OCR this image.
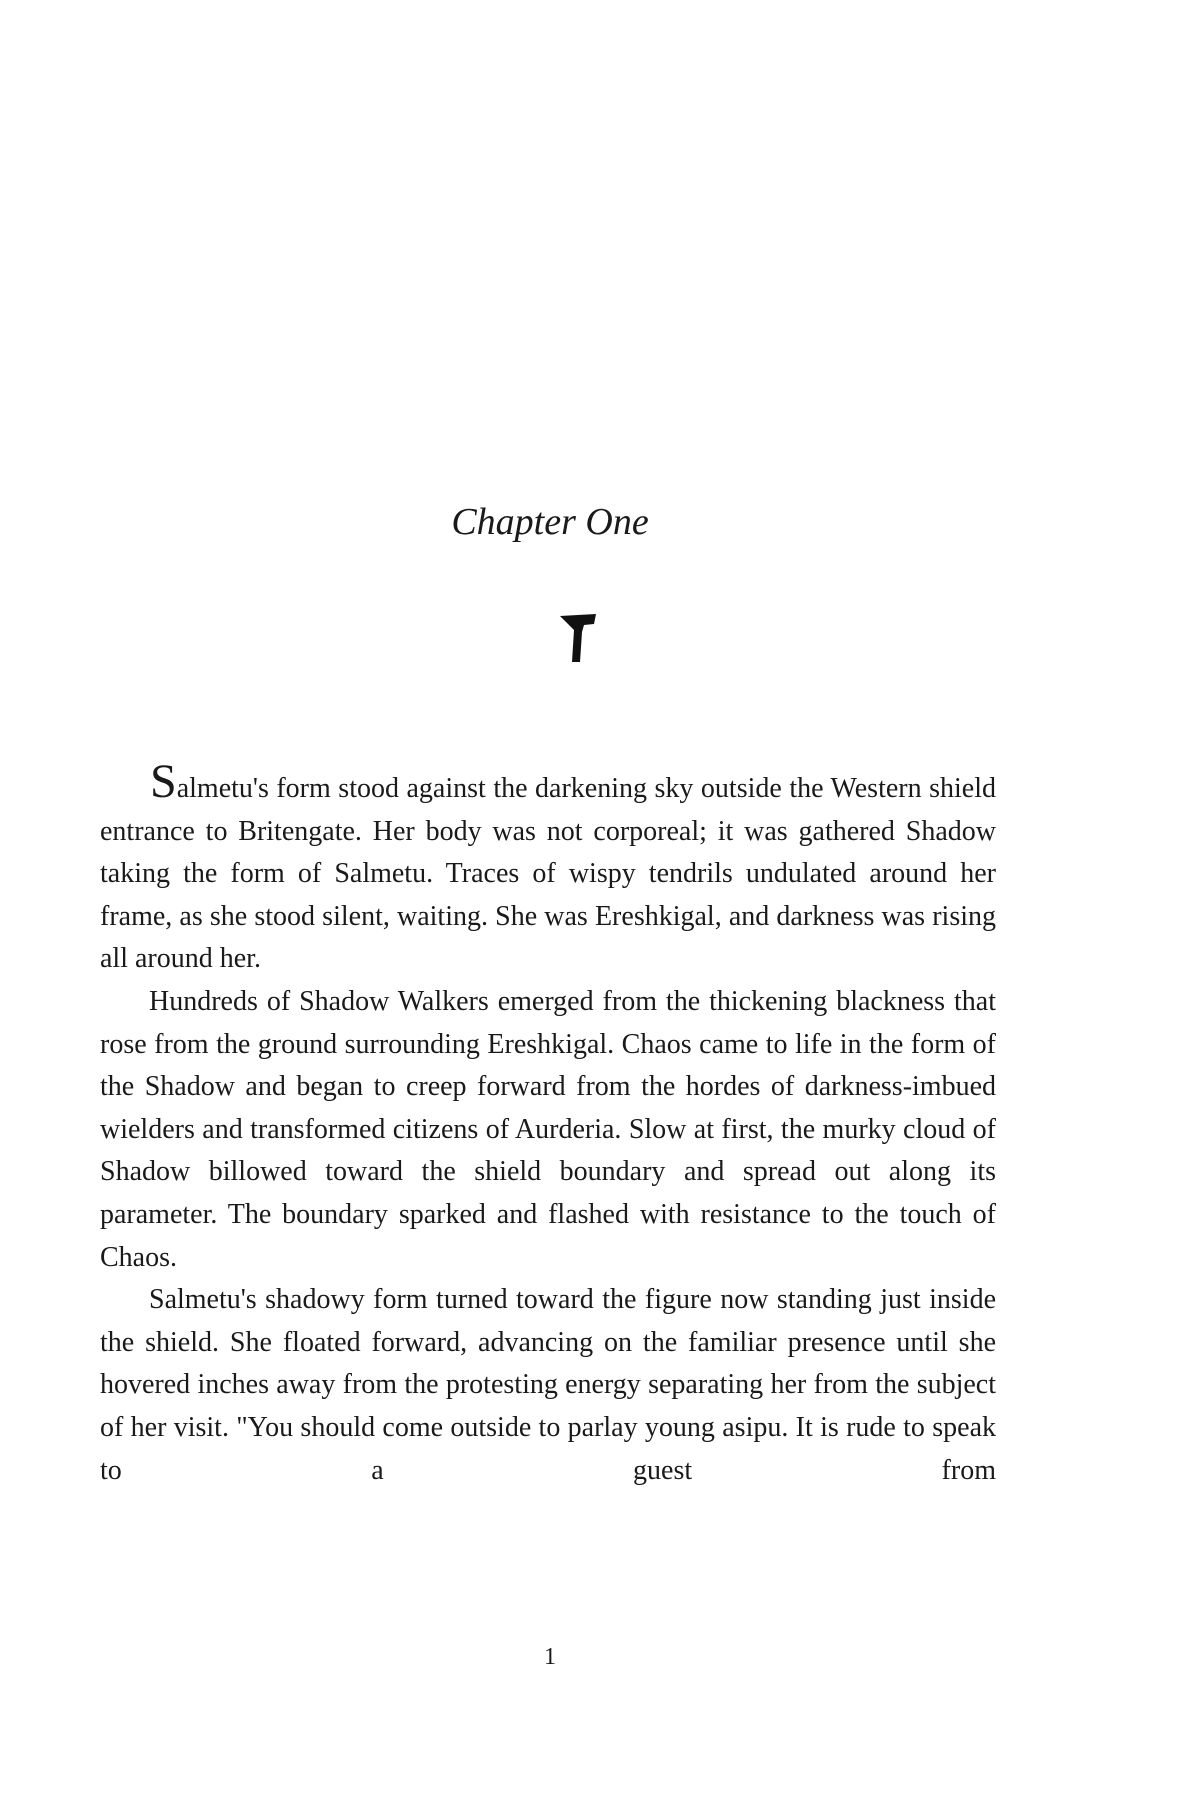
Chapter One

Salmetu's form stood against the darkening sky outside the Western shield entrance to Britengate. Her body was not corporeal; it was gathered Shadow taking the form of Salmetu. Traces of wispy tendrils undulated around her frame, as she stood silent, waiting. She was Ereshkigal, and darkness was rising all around her.

Hundreds of Shadow Walkers emerged from the thickening blackness that rose from the ground surrounding Ereshkigal. Chaos came to life in the form of the Shadow and began to creep forward from the hordes of darkness-imbued wielders and transformed citizens of Aurderia. Slow at first, the murky cloud of Shadow billowed toward the shield boundary and spread out along its parameter. The boundary sparked and flashed with resistance to the touch of Chaos.

Salmetu's shadowy form turned toward the figure now standing just inside the shield. She floated forward, advancing on the familiar presence until she hovered inches away from the protesting energy separating her from the subject of her visit. "You should come outside to parlay young asipu. It is rude to speak to a guest from

1
